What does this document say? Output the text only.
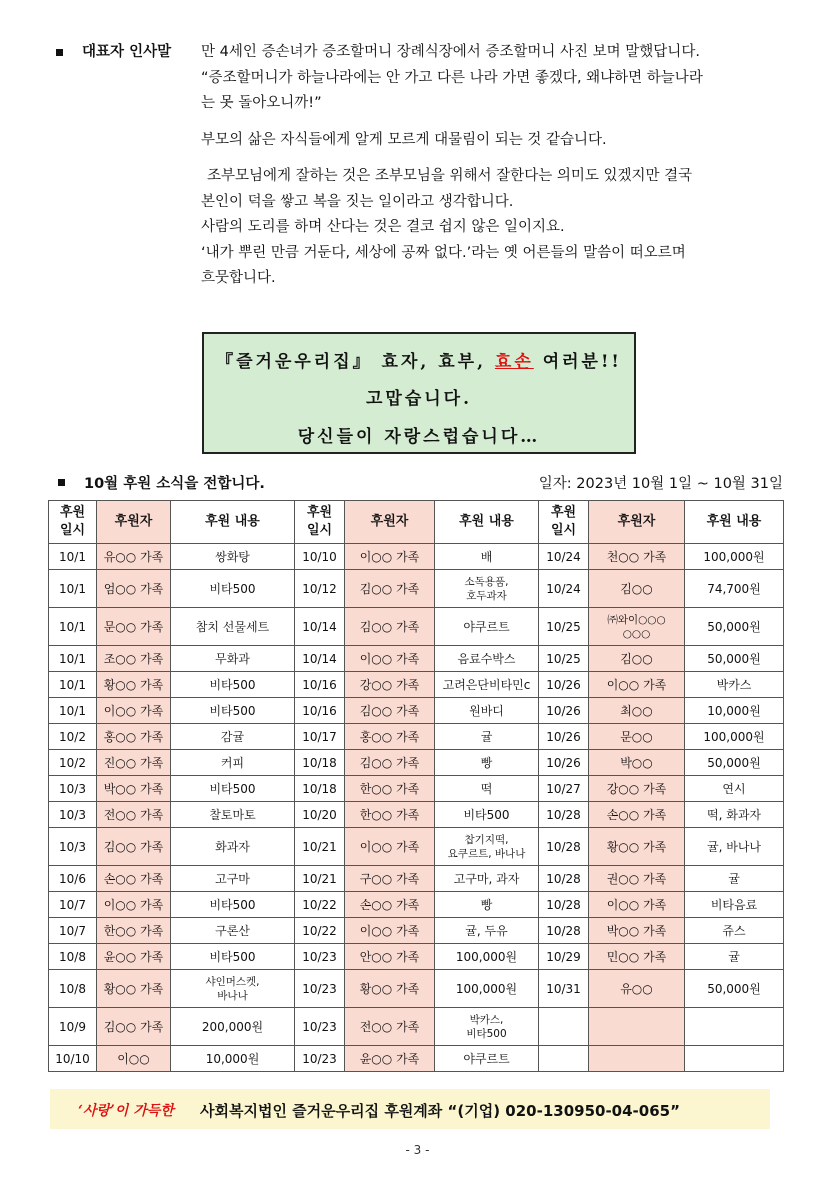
대표자 인사말 만 4세인 증손녀가 증조할머니 장례식장에서 증조할머니 사진 보며 말했답니다.

“증조할머니가 하늘나라에는 안 가고 다른 나라 가면 좋겠다, 왜냐하면 하늘나라

는 못 돌아오니까!”

부모의 삶은 자식들에게 알게 모르게 대물림이 되는 것 같습니다.

조부모님에게 잘하는 것은 조부모님을 위해서 잘한다는 의미도 있겠지만 결국

본인이 덕을 쌓고 복을 짓는 일이라고 생각합니다.

사람의 도리를 하며 산다는 것은 결코 쉽지 않은 일이지요.

‘내가 뿌린 만큼 거둔다, 세상에 공짜 없다.’라는 옛 어른들의 말씀이 떠오르며

흐뭇합니다.

『즐거운우리집』 효자, 효부, 효손 여러분!!
고맙습니다.
당신들이 자랑스럽습니다…
10월 후원 소식을 전합니다.	일자: 2023년 10월 1일 ~ 10월 31일
후원
일시	후원자	후원 내용	후원
일시	후원자	후원 내용	후원
일시	후원자	후원 내용
10/1	유○○ 가족	쌍화탕	10/10	이○○ 가족	배	10/24	천○○ 가족	100,000원
10/1	엄○○ 가족	비타500	10/12	김○○ 가족	소독용품,
호두과자	10/24	김○○	74,700원
10/1	문○○ 가족	참치 선물세트	10/14	김○○ 가족	야쿠르트	10/25	㈜와이○○○
○○○	50,000원
10/1	조○○ 가족	무화과	10/14	이○○ 가족	음료수박스	10/25	김○○	50,000원
10/1	황○○ 가족	비타500	10/16	강○○ 가족	고려은단비타민c	10/26	이○○ 가족	박카스
10/1	이○○ 가족	비타500	10/16	김○○ 가족	원바디	10/26	최○○	10,000원
10/2	홍○○ 가족	감귤	10/17	홍○○ 가족	귤	10/26	문○○	100,000원
10/2	진○○ 가족	커피	10/18	김○○ 가족	빵	10/26	박○○	50,000원
10/3	박○○ 가족	비타500	10/18	한○○ 가족	떡	10/27	강○○ 가족	연시
10/3	전○○ 가족	찰토마토	10/20	한○○ 가족	비타500	10/28	손○○ 가족	떡, 화과자
10/3	김○○ 가족	화과자	10/21	이○○ 가족	찹기지떡,
요쿠르트, 바나나	10/28	황○○ 가족	귤, 바나나
10/6	손○○ 가족	고구마	10/21	구○○ 가족	고구마, 과자	10/28	권○○ 가족	귤
10/7	이○○ 가족	비타500	10/22	손○○ 가족	빵	10/28	이○○ 가족	비타음료
10/7	한○○ 가족	구론산	10/22	이○○ 가족	귤, 두유	10/28	박○○ 가족	쥬스
10/8	윤○○ 가족	비타500	10/23	안○○ 가족	100,000원	10/29	민○○ 가족	귤
10/8	황○○ 가족	샤인머스켓,
바나나	10/23	황○○ 가족	100,000원	10/31	유○○	50,000원
10/9	김○○ 가족	200,000원	10/23	전○○ 가족	박카스,
비타500			
10/10	이○○	10,000원	10/23	윤○○ 가족	야쿠르트			
‘사랑’이 가득한 사회복지법인 즐거운우리집 후원계좌 “(기업) 020-130950-04-065”
- 3 -
